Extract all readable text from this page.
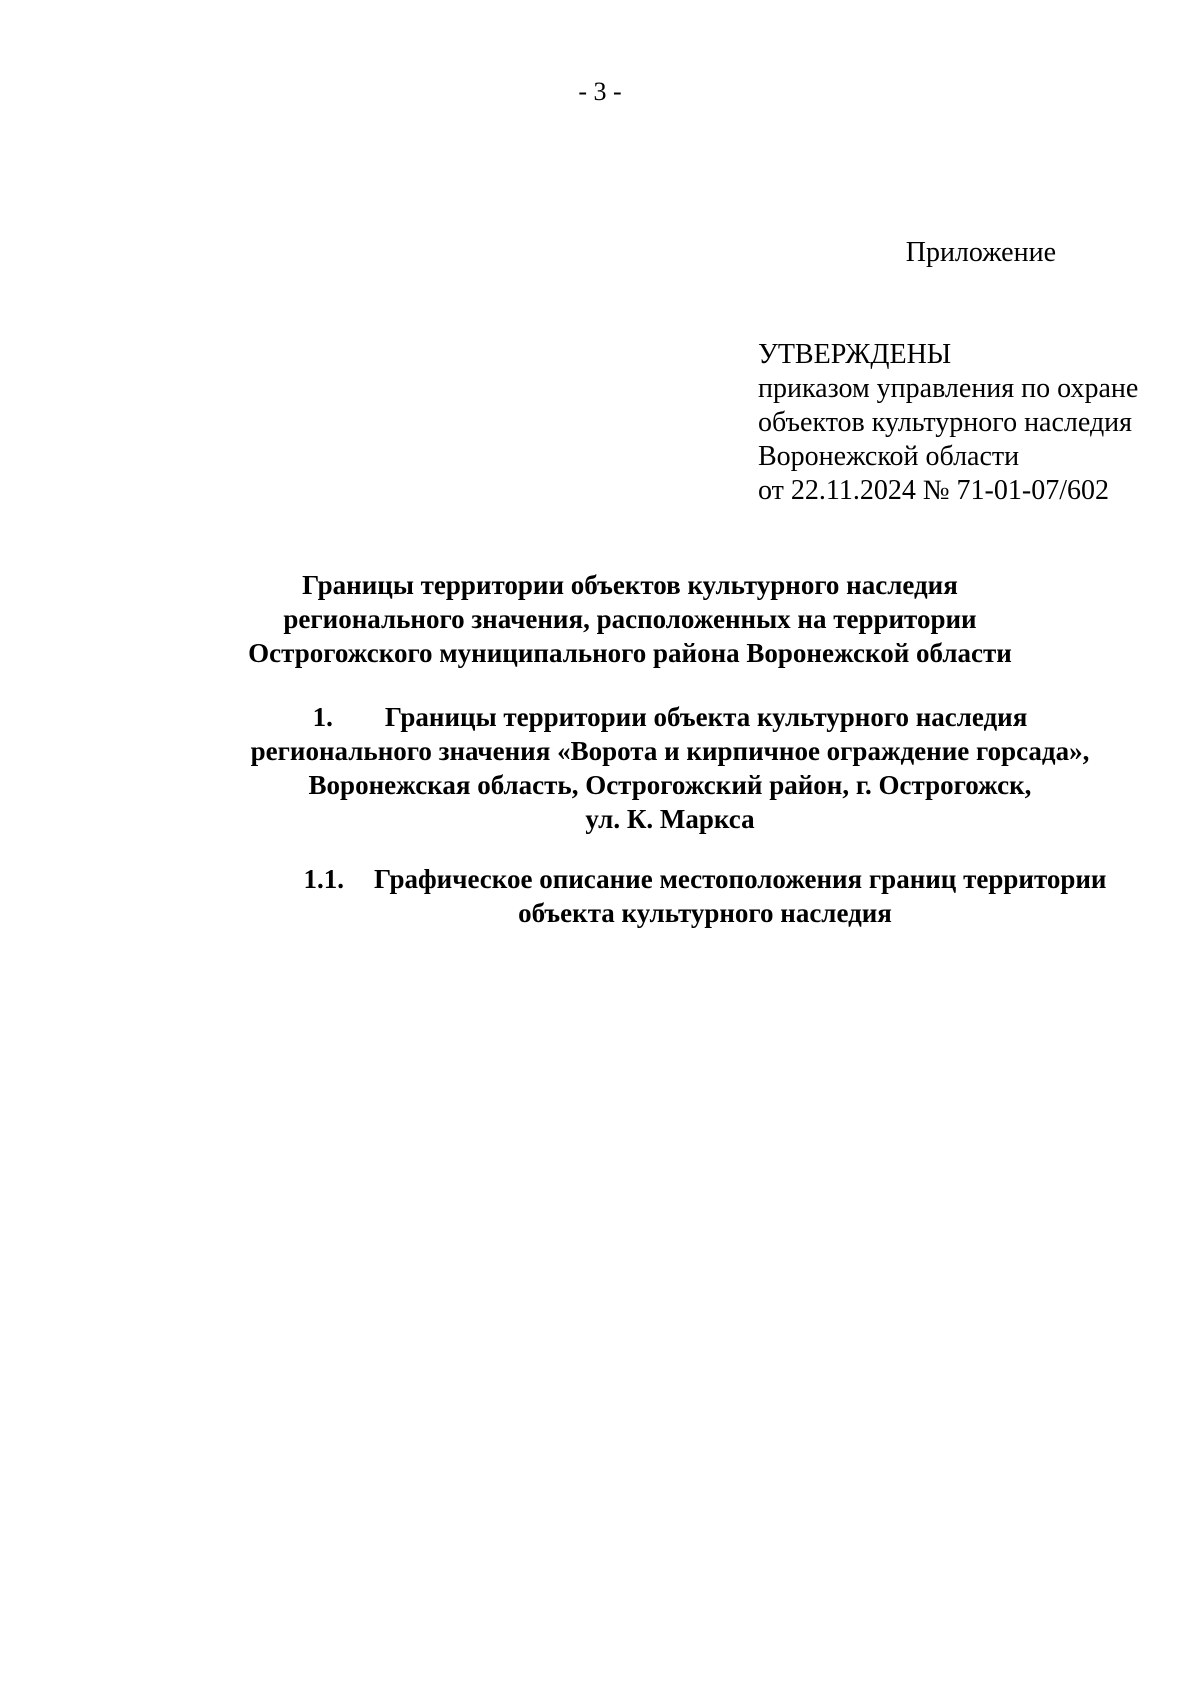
- 3 -
Приложение
УТВЕРЖДЕНЫ
приказом управления по охране
объектов культурного наследия
Воронежской области
от 22.11.2024 № 71-01-07/602
Границы территории объектов культурного наследия
регионального значения, расположенных на территории
Острогожского муниципального района Воронежской области
1. Границы территории объекта культурного наследия
регионального значения «Ворота и кирпичное ограждение горсада»,
Воронежская область, Острогожский район, г. Острогожск,
ул. К. Маркса
1.1. Графическое описание местоположения границ территории
объекта культурного наследия
